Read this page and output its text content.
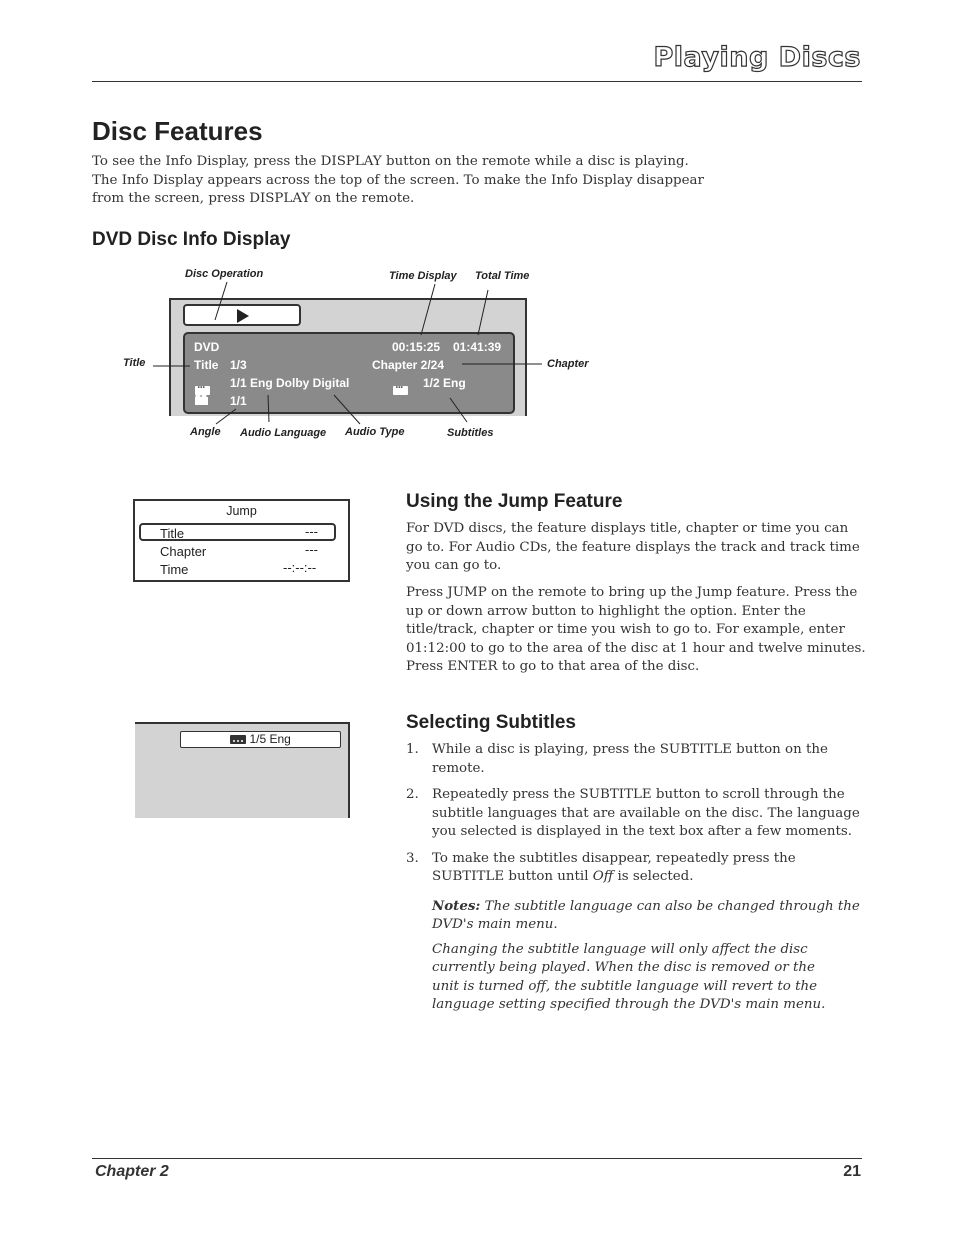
Playing Discs
Disc Features
To see the Info Display, press the DISPLAY button on the remote while a disc is playing. The Info Display appears across the top of the screen. To make the Info Display disappear from the screen, press DISPLAY on the remote.
DVD Disc Info Display
DVD	00:15:25 01:41:39
Title 1/3	Chapter 2/24
...
1/1 Eng Dolby Digital
...	1/2 Eng
1/1
Disc Operation	Time Display Total Time
Title	Chapter
Angle Audio Language Audio Type	Subtitles
Jump
Title	---
Chapter	---
Time	--:--:--
Using the Jump Feature
For DVD discs, the feature displays title, chapter or time you can go to. For Audio CDs, the feature displays the track and track time you can go to.
Press JUMP on the remote to bring up the Jump feature. Press the up or down arrow button to highlight the option. Enter the title/track, chapter or time you wish to go to. For example, enter 01:12:00 to go to the area of the disc at 1 hour and twelve minutes. Press ENTER to go to that area of the disc.
1/5 Eng
Selecting Subtitles
1. While a disc is playing, press the SUBTITLE button on the remote.
2. Repeatedly press the SUBTITLE button to scroll through the subtitle languages that are available on the disc. The language you selected is displayed in the text box after a few moments.
3. To make the subtitles disappear, repeatedly press the SUBTITLE button until Off is selected.
Notes: The subtitle language can also be changed through the DVD's main menu.
Changing the subtitle language will only affect the disc currently being played. When the disc is removed or the unit is turned off, the subtitle language will revert to the language setting specified through the DVD's main menu.
Chapter 2	21
